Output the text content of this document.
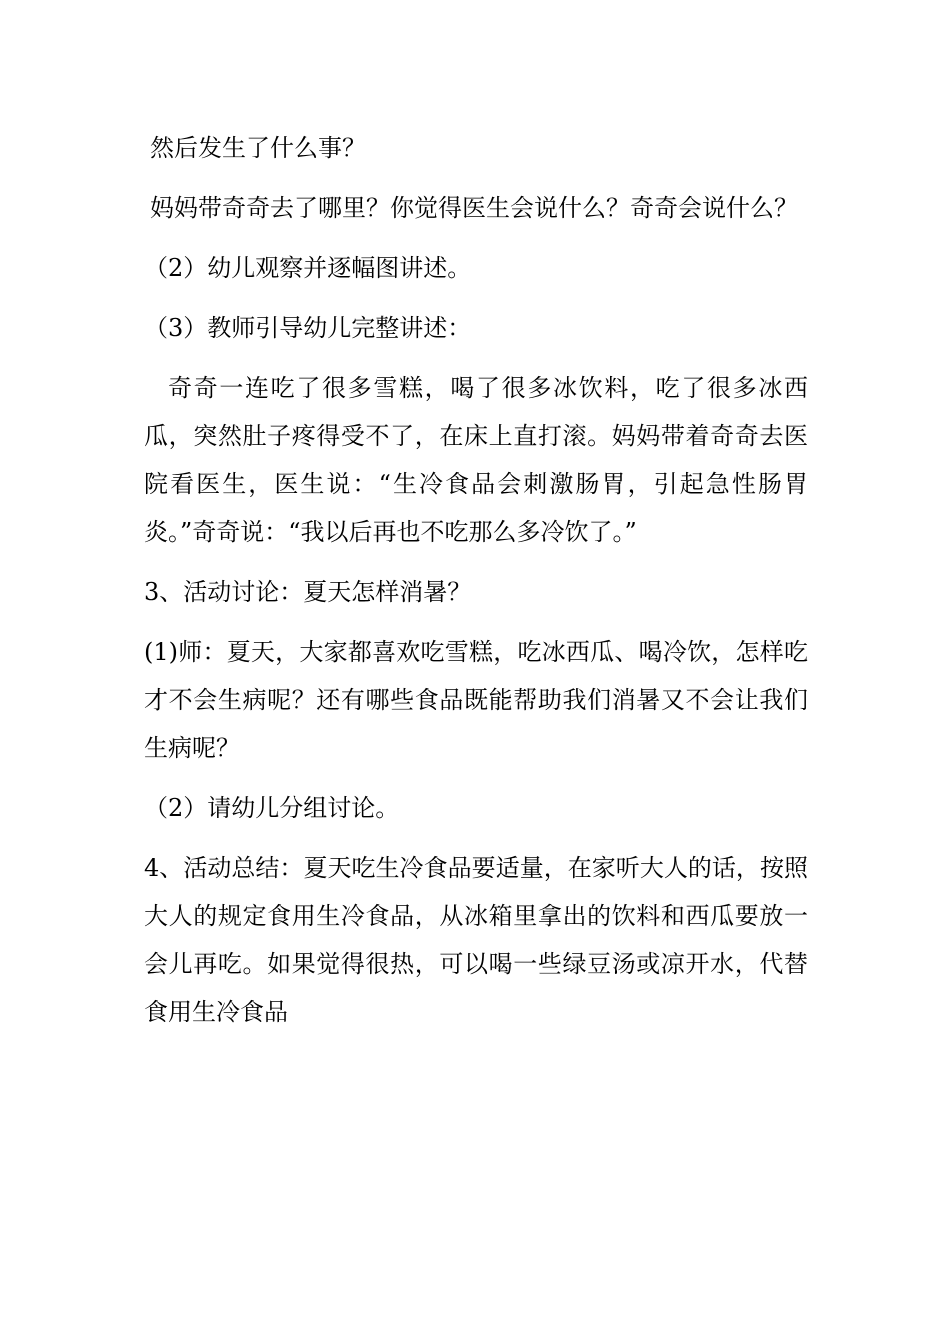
然后发生了什么事？

妈妈带奇奇去了哪里？你觉得医生会说什么？奇奇会说什么？

（2）幼儿观察并逐幅图讲述。

（3）教师引导幼儿完整讲述：

奇奇一连吃了很多雪糕，喝了很多冰饮料，吃了很多冰西瓜，突然肚子疼得受不了，在床上直打滚。妈妈带着奇奇去医院看医生，医生说：“生冷食品会刺激肠胃，引起急性肠胃炎。”奇奇说：“我以后再也不吃那么多冷饮了。”

3、活动讨论：夏天怎样消暑？

(1)师：夏天，大家都喜欢吃雪糕，吃冰西瓜、喝冷饮，怎样吃才不会生病呢？还有哪些食品既能帮助我们消暑又不会让我们生病呢？

（2）请幼儿分组讨论。

4、活动总结：夏天吃生冷食品要适量，在家听大人的话，按照大人的规定食用生冷食品，从冰箱里拿出的饮料和西瓜要放一会儿再吃。如果觉得很热，可以喝一些绿豆汤或凉开水，代替食用生冷食品
